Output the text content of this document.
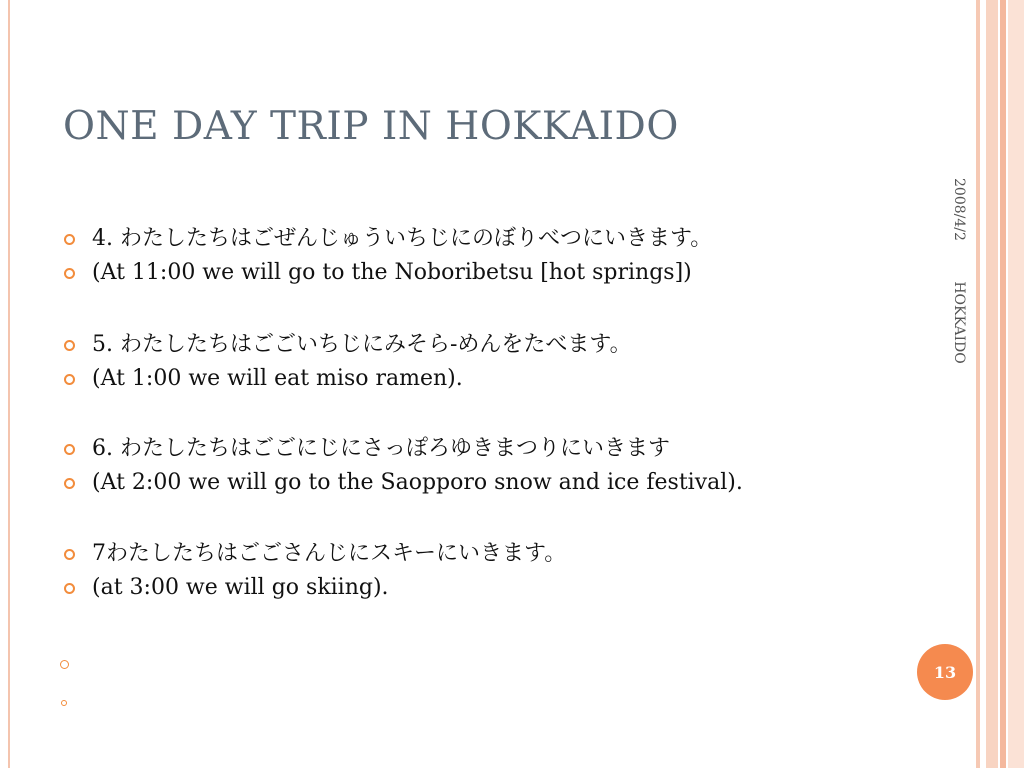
ONE DAY TRIP IN HOKKAIDO
4. わたしたちはごぜんじゅういちじにのぼりべつにいきます。
(At 11:00 we will go to the Noboribetsu [hot springs])
5. わたしたちはごごいちじにみそら-めんをたべます。
(At 1:00 we will eat miso ramen).
6. わたしたちはごごにじにさっぽろゆきまつりにいきます
(At 2:00 we will go to the Saopporo snow and ice festival).
7わたしたちはごごさんじにスキーにいきます。
(at 3:00 we will go skiing).
2008/4/2 HOKKAIDO
13
